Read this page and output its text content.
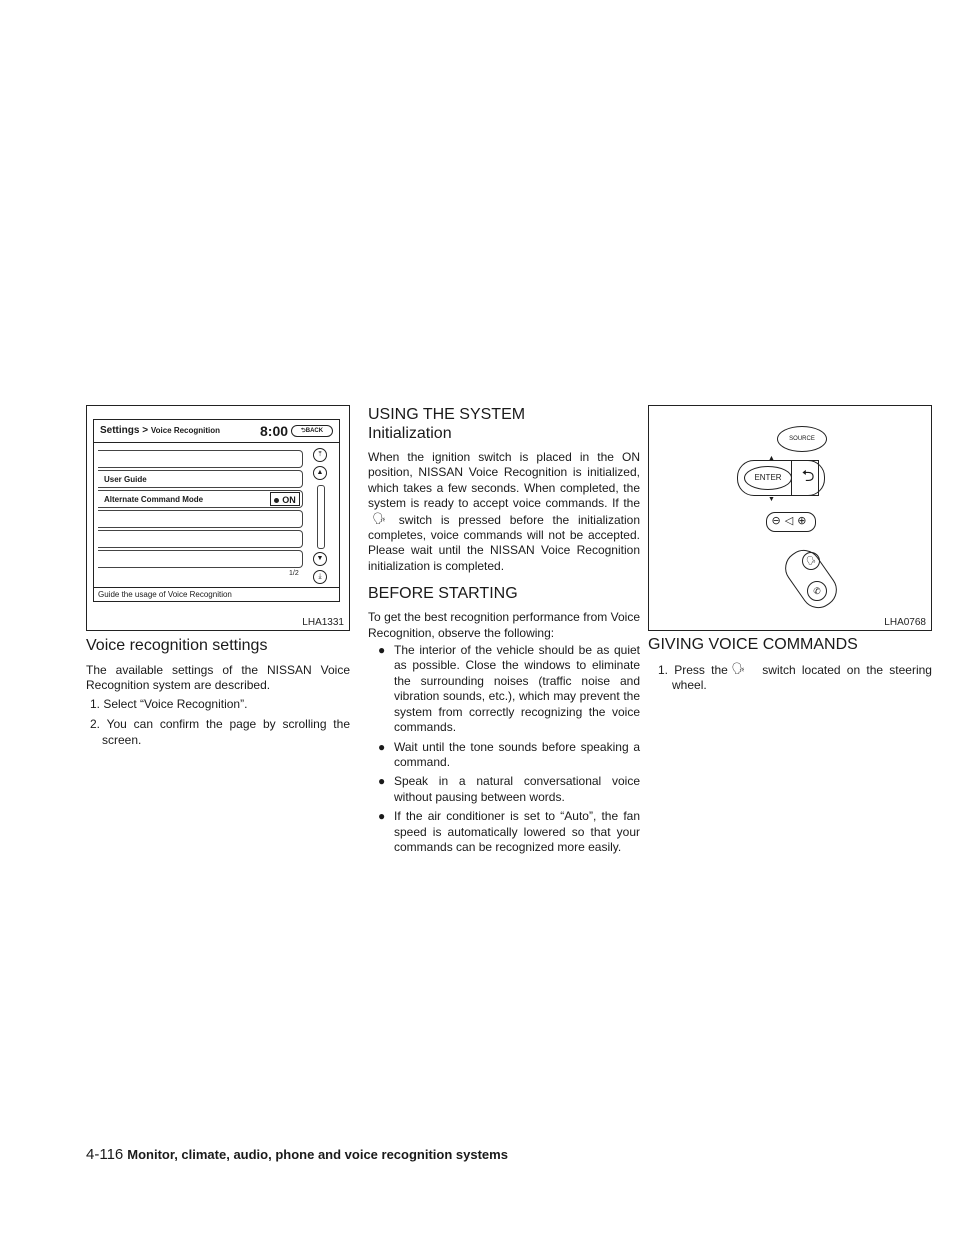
Settings > Voice Recognition	8:00	⮌BACK
User Guide
Alternate Command Mode	ON
⤒
▲
▼
⤓
1/2
Guide the usage of Voice Recognition
LHA1331
Voice recognition settings

The available settings of the NISSAN Voice Recognition system are described.

1. Select “Voice Recognition”.

2. You can confirm the page by scrolling the screen.

USING THE SYSTEM
Initialization

When the ignition switch is placed in the ON position, NISSAN Voice Recognition is initialized, which takes a few seconds. When completed, the system is ready to accept voice commands. If the 🗣 switch is pressed before the initialization completes, voice commands will not be accepted. Please wait until the NISSAN Voice Recognition initialization is completed.

BEFORE STARTING

To get the best recognition performance from Voice Recognition, observe the following:

● The interior of the vehicle should be as quiet as possible. Close the windows to eliminate the surrounding noises (traffic noise and vibration sounds, etc.), which may prevent the system from correctly recognizing the voice commands.
● Wait until the tone sounds before speaking a command.
● Speak in a natural conversational voice without pausing between words.
● If the air conditioner is set to “Auto”, the fan speed is automatically lowered so that your commands can be recognized more easily.
SOURCE
▲
ENTER
▼
⮌
⊖◁⊕
🗣
✆
LHA0768
GIVING VOICE COMMANDS

1. Press the 🗣 switch located on the steering wheel.

4-116 Monitor, climate, audio, phone and voice recognition systems
